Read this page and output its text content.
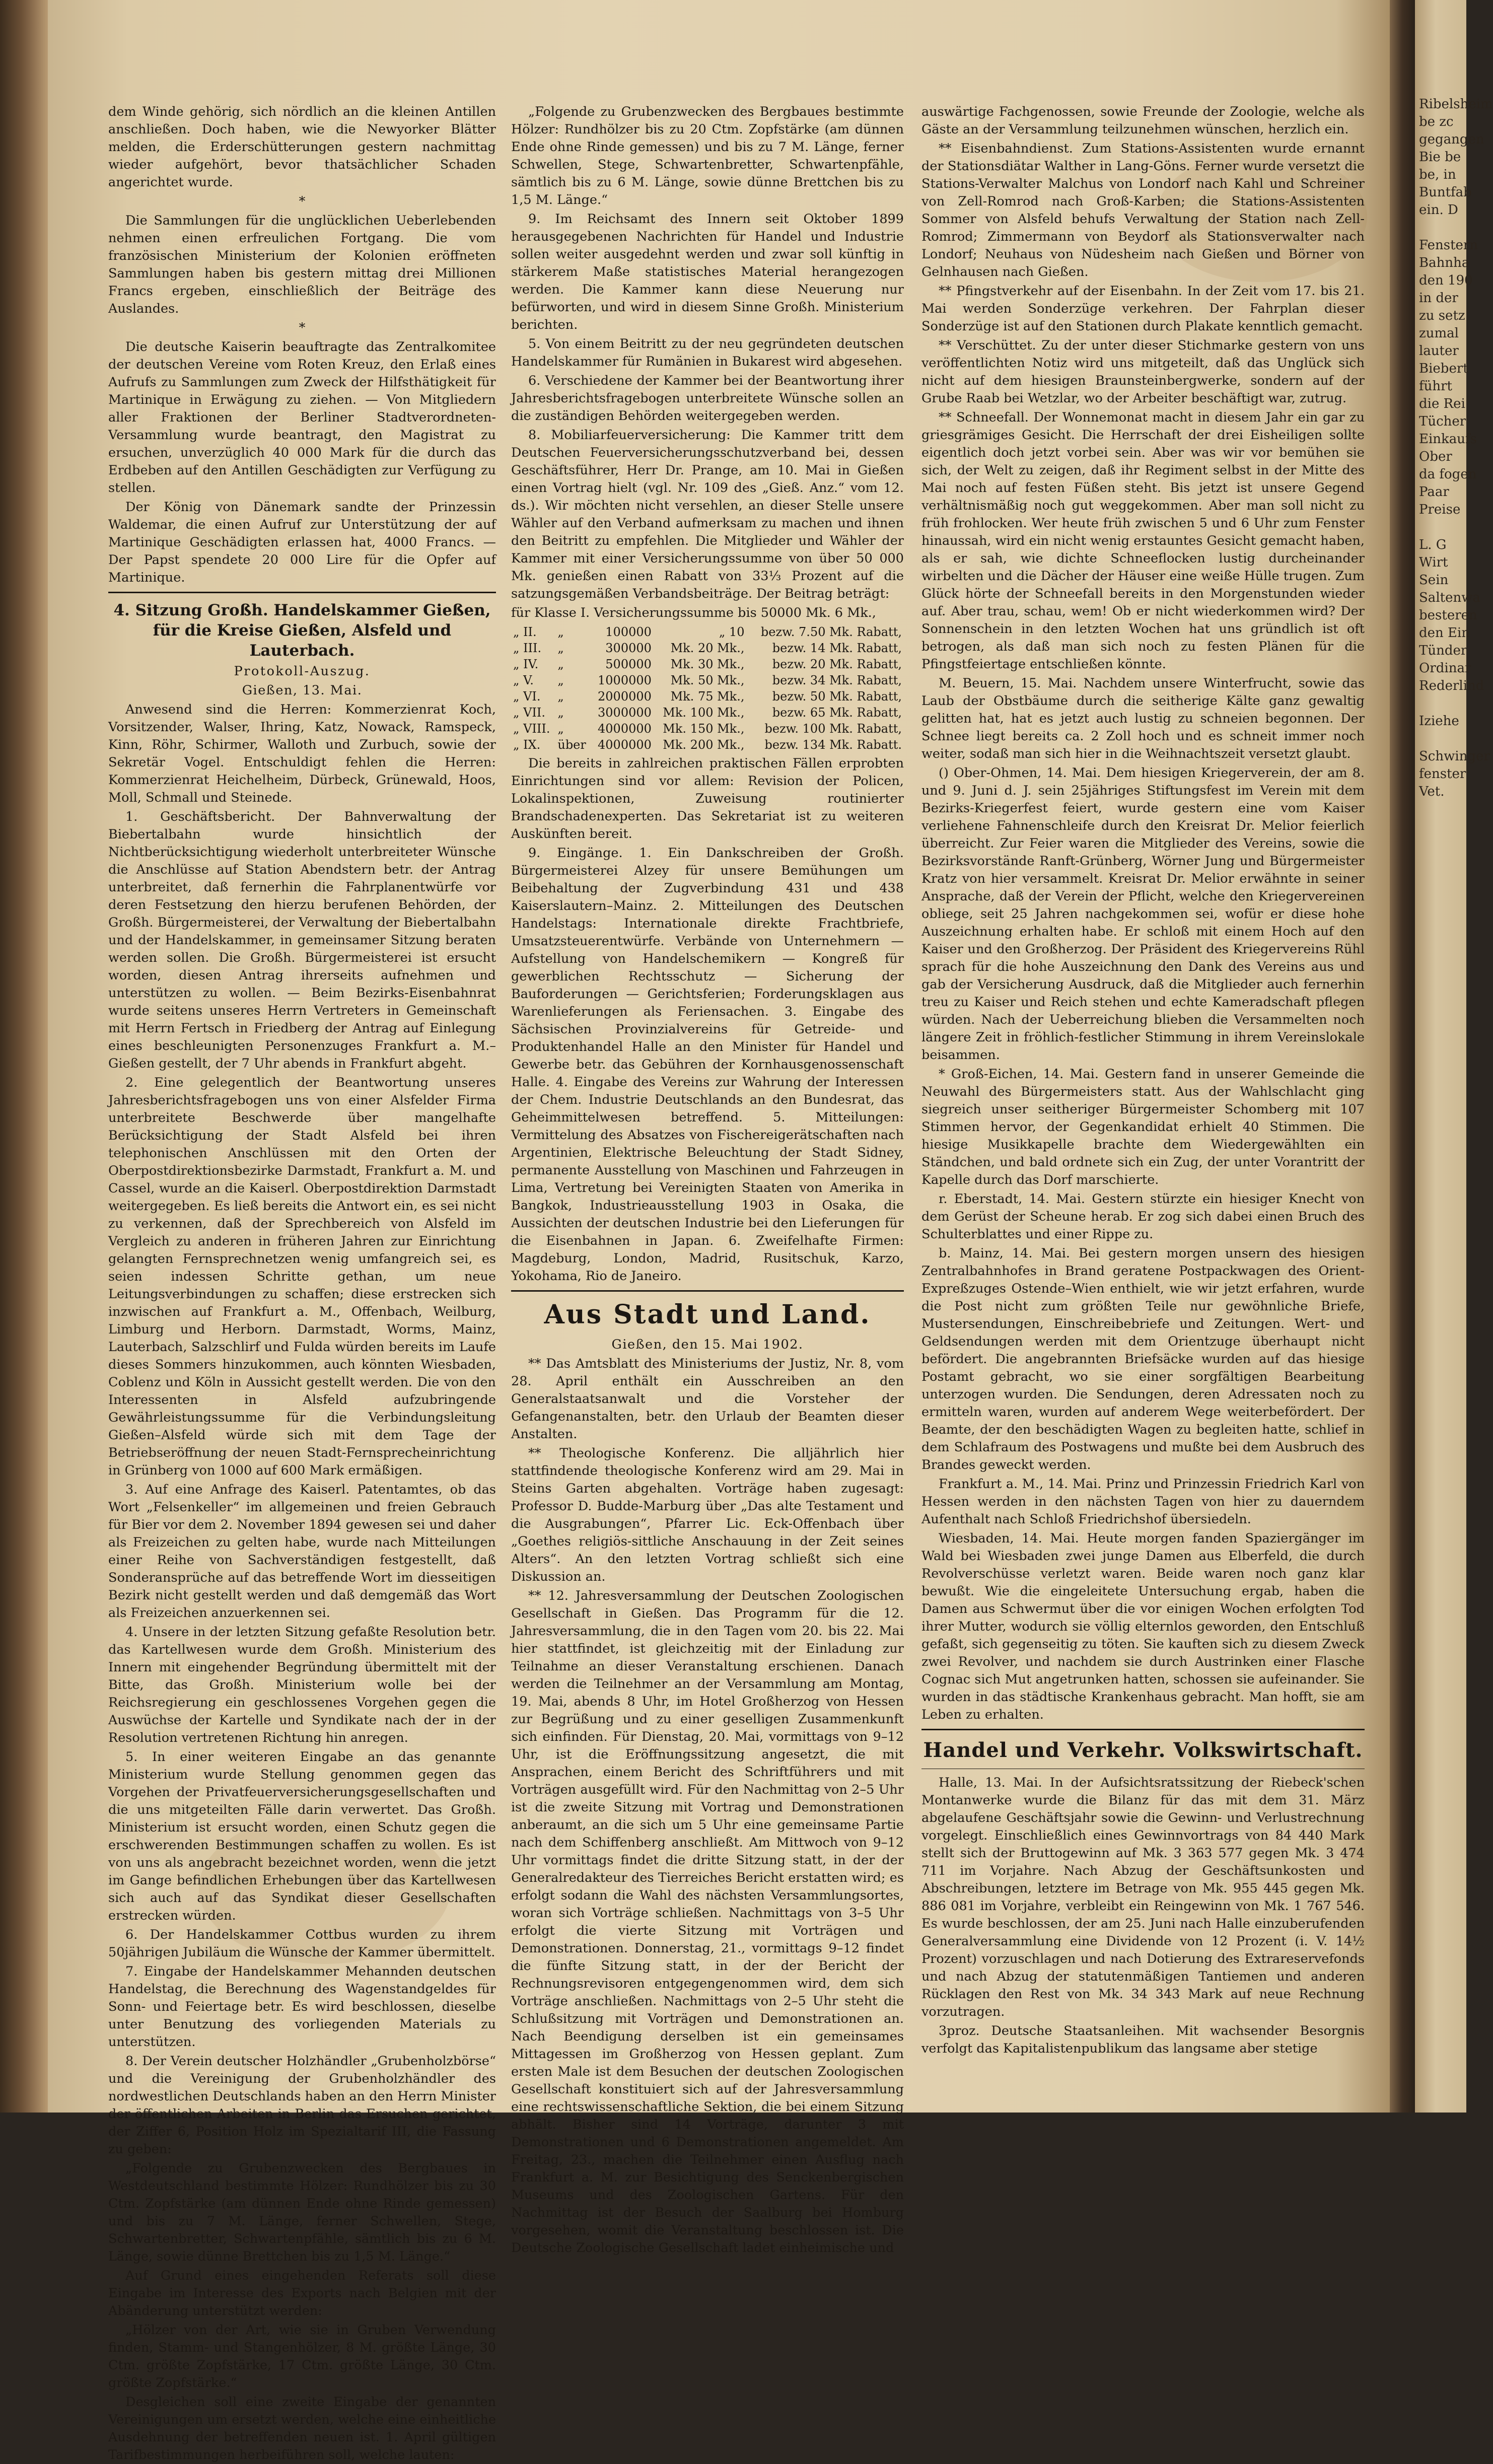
Ribelsheim
be zc
gegangen
Bie be
be, in
Buntfab
ein. D

Fenstern
Bahnha
den 190
in der
zu setz
zumal
lauter
Biebert
führt
die Rei
Tücher
Einkaufs
Ober
da fogen
Paar
Preise

L. G
Wirt
Sein
Saltenwa
besteren
den Ein
Tünder
Ordinar
Rederlind

Iziehe

Schwinger
fenster
Vet.

dem Winde gehörig, sich nördlich an die kleinen Antillen anschließen. Doch haben, wie die Newyorker Blätter melden, die Erderschütterungen gestern nachmittag wieder aufgehört, bevor thatsächlicher Schaden angerichtet wurde.

*

Die Sammlungen für die unglücklichen Ueberlebenden nehmen einen erfreulichen Fortgang. Die vom französischen Ministerium der Kolonien eröffneten Sammlungen haben bis gestern mittag drei Millionen Francs ergeben, einschließlich der Beiträge des Auslandes.

*

Die deutsche Kaiserin beauftragte das Zentralkomitee der deutschen Vereine vom Roten Kreuz, den Erlaß eines Aufrufs zu Sammlungen zum Zweck der Hilfsthätigkeit für Martinique in Erwägung zu ziehen. — Von Mitgliedern aller Fraktionen der Berliner Stadtverordneten-Versammlung wurde beantragt, den Magistrat zu ersuchen, unverzüglich 40 000 Mark für die durch das Erdbeben auf den Antillen Geschädigten zur Verfügung zu stellen.

Der König von Dänemark sandte der Prinzessin Waldemar, die einen Aufruf zur Unterstützung der auf Martinique Geschädigten erlassen hat, 4000 Francs. — Der Papst spendete 20 000 Lire für die Opfer auf Martinique.

4. Sitzung Großh. Handelskammer Gießen, für die Kreise Gießen, Alsfeld und Lauterbach.

Protokoll-Auszug.

Gießen, 13. Mai.

Anwesend sind die Herren: Kommerzienrat Koch, Vorsitzender, Walser, Ihring, Katz, Nowack, Ramspeck, Kinn, Röhr, Schirmer, Walloth und Zurbuch, sowie der Sekretär Vogel. Entschuldigt fehlen die Herren: Kommerzienrat Heichelheim, Dürbeck, Grünewald, Hoos, Moll, Schmall und Steinede.

1. Geschäftsbericht. Der Bahnverwaltung der Biebertalbahn wurde hinsichtlich der Nichtberücksichtigung wiederholt unterbreiteter Wünsche die Anschlüsse auf Station Abendstern betr. der Antrag unterbreitet, daß fernerhin die Fahrplanentwürfe vor deren Festsetzung den hierzu berufenen Behörden, der Großh. Bürgermeisterei, der Verwaltung der Biebertalbahn und der Handelskammer, in gemeinsamer Sitzung beraten werden sollen. Die Großh. Bürgermeisterei ist ersucht worden, diesen Antrag ihrerseits aufnehmen und unterstützen zu wollen. — Beim Bezirks-Eisenbahnrat wurde seitens unseres Herrn Vertreters in Gemeinschaft mit Herrn Fertsch in Friedberg der Antrag auf Einlegung eines beschleunigten Personenzuges Frankfurt a. M.–Gießen gestellt, der 7 Uhr abends in Frankfurt abgeht.

2. Eine gelegentlich der Beantwortung unseres Jahresberichtsfragebogen uns von einer Alsfelder Firma unterbreitete Beschwerde über mangelhafte Berücksichtigung der Stadt Alsfeld bei ihren telephonischen Anschlüssen mit den Orten der Oberpostdirektionsbezirke Darmstadt, Frankfurt a. M. und Cassel, wurde an die Kaiserl. Oberpostdirektion Darmstadt weitergegeben. Es ließ bereits die Antwort ein, es sei nicht zu verkennen, daß der Sprechbereich von Alsfeld im Vergleich zu anderen in früheren Jahren zur Einrichtung gelangten Fernsprechnetzen wenig umfangreich sei, es seien indessen Schritte gethan, um neue Leitungsverbindungen zu schaffen; diese erstrecken sich inzwischen auf Frankfurt a. M., Offenbach, Weilburg, Limburg und Herborn. Darmstadt, Worms, Mainz, Lauterbach, Salzschlirf und Fulda würden bereits im Laufe dieses Sommers hinzukommen, auch könnten Wiesbaden, Coblenz und Köln in Aussicht gestellt werden. Die von den Interessenten in Alsfeld aufzubringende Gewährleistungssumme für die Verbindungsleitung Gießen–Alsfeld würde sich mit dem Tage der Betriebseröffnung der neuen Stadt-Fernsprecheinrichtung in Grünberg von 1000 auf 600 Mark ermäßigen.

3. Auf eine Anfrage des Kaiserl. Patentamtes, ob das Wort „Felsenkeller“ im allgemeinen und freien Gebrauch für Bier vor dem 2. November 1894 gewesen sei und daher als Freizeichen zu gelten habe, wurde nach Mitteilungen einer Reihe von Sachverständigen festgestellt, daß Sonderansprüche auf das betreffende Wort im diesseitigen Bezirk nicht gestellt werden und daß demgemäß das Wort als Freizeichen anzuerkennen sei.

4. Unsere in der letzten Sitzung gefaßte Resolution betr. das Kartellwesen wurde dem Großh. Ministerium des Innern mit eingehender Begründung übermittelt mit der Bitte, das Großh. Ministerium wolle bei der Reichsregierung ein geschlossenes Vorgehen gegen die Auswüchse der Kartelle und Syndikate nach der in der Resolution vertretenen Richtung hin anregen.

5. In einer weiteren Eingabe an das genannte Ministerium wurde Stellung genommen gegen das Vorgehen der Privatfeuerversicherungsgesellschaften und die uns mitgeteilten Fälle darin verwertet. Das Großh. Ministerium ist ersucht worden, einen Schutz gegen die erschwerenden Bestimmungen schaffen zu wollen. Es ist von uns als angebracht bezeichnet worden, wenn die jetzt im Gange befindlichen Erhebungen über das Kartellwesen sich auch auf das Syndikat dieser Gesellschaften erstrecken würden.

6. Der Handelskammer Cottbus wurden zu ihrem 50jährigen Jubiläum die Wünsche der Kammer übermittelt.

7. Eingabe der Handelskammer Mehannden deutschen Handelstag, die Berechnung des Wagenstandgeldes für Sonn- und Feiertage betr. Es wird beschlossen, dieselbe unter Benutzung des vorliegenden Materials zu unterstützen.

8. Der Verein deutscher Holzhändler „Grubenholzbörse“ und die Vereinigung der Grubenholzhändler des nordwestlichen Deutschlands haben an den Herrn Minister der öffentlichen Arbeiten in Berlin das Ersuchen gerichtet, der Ziffer 6, Position Holz im Spezialtarif III, die Fassung zu geben:

„Folgende zu Grubenzwecken des Bergbaues in Westdeutschland bestimmte Hölzer: Rundhölzer bis zu 30 Ctm. Zopfstärke (am dünnen Ende ohne Rinde gemessen) und bis zu 7 M. Länge, ferner Schwellen, Stege, Schwartenbretter, Schwartenpfähle, sämtlich bis zu 6 M. Länge, sowie dünne Brettchen bis zu 1,5 M. Länge.“

Auf Grund eines eingehenden Referats soll diese Eingabe im Interesse des Exports nach Belgien mit der Abänderung unterstützt werden:

„Hölzer von der Art, wie sie in Gruben Verwendung finden, Stamm- und Stangenhölzer, 8 M. größte Länge, 30 Ctm. größte Zopfstärke, 17 Ctm. größte Länge, 30 Ctm. größte Zopfstärke.“

Desgleichen soll eine zweite Eingabe der genannten Vereinigungen um ersetzt werden, welche eine einheitliche Ausdehnung der betreffenden neuen ist. 1. April gültigen Tarifbestimmungen herbeiführen soll, welche lauten:

„Folgende zu Grubenzwecken des Bergbaues bestimmte Hölzer: Rundhölzer bis zu 20 Ctm. Zopfstärke (am dünnen Ende ohne Rinde gemessen) und bis zu 7 M. Länge, ferner Schwellen, Stege, Schwartenbretter, Schwartenpfähle, sämtlich bis zu 6 M. Länge, sowie dünne Brettchen bis zu 1,5 M. Länge.“

9. Im Reichsamt des Innern seit Oktober 1899 herausgegebenen Nachrichten für Handel und Industrie sollen weiter ausgedehnt werden und zwar soll künftig in stärkerem Maße statistisches Material herangezogen werden. Die Kammer kann diese Neuerung nur befürworten, und wird in diesem Sinne Großh. Ministerium berichten.

5. Von einem Beitritt zu der neu gegründeten deutschen Handelskammer für Rumänien in Bukarest wird abgesehen.

6. Verschiedene der Kammer bei der Beantwortung ihrer Jahresberichtsfragebogen unterbreitete Wünsche sollen an die zuständigen Behörden weitergegeben werden.

8. Mobiliarfeuerversicherung: Die Kammer tritt dem Deutschen Feuerversicherungsschutzverband bei, dessen Geschäftsführer, Herr Dr. Prange, am 10. Mai in Gießen einen Vortrag hielt (vgl. Nr. 109 des „Gieß. Anz.“ vom 12. ds.). Wir möchten nicht versehlen, an dieser Stelle unsere Wähler auf den Verband aufmerksam zu machen und ihnen den Beitritt zu empfehlen. Die Mitglieder und Wähler der Kammer mit einer Versicherungssumme von über 50 000 Mk. genießen einen Rabatt von 33⅓ Prozent auf die satzungsgemäßen Verbandsbeiträge. Der Beitrag beträgt:

für Klasse I. Versicherungssumme bis 50000 Mk. 6 Mk.,

„ II.	„	100000	„ 10	bezw. 7.50 Mk. Rabatt,
„ III.	„	300000	Mk. 20 Mk.,	bezw. 14 Mk. Rabatt,
„ IV.	„	500000	Mk. 30 Mk.,	bezw. 20 Mk. Rabatt,
„ V.	„	1000000	Mk. 50 Mk.,	bezw. 34 Mk. Rabatt,
„ VI.	„	2000000	Mk. 75 Mk.,	bezw. 50 Mk. Rabatt,
„ VII.	„	3000000	Mk. 100 Mk.,	bezw. 65 Mk. Rabatt,
„ VIII.	„	4000000	Mk. 150 Mk.,	bezw. 100 Mk. Rabatt,
„ IX.	über	4000000	Mk. 200 Mk.,	bezw. 134 Mk. Rabatt.

Die bereits in zahlreichen praktischen Fällen erprobten Einrichtungen sind vor allem: Revision der Policen, Lokalinspektionen, Zuweisung routinierter Brandschadenexperten. Das Sekretariat ist zu weiteren Auskünften bereit.

9. Eingänge. 1. Ein Dankschreiben der Großh. Bürgermeisterei Alzey für unsere Bemühungen um Beibehaltung der Zugverbindung 431 und 438 Kaiserslautern–Mainz. 2. Mitteilungen des Deutschen Handelstags: Internationale direkte Frachtbriefe, Umsatzsteuerentwürfe. Verbände von Unternehmern — Aufstellung von Handelschemikern — Kongreß für gewerblichen Rechtsschutz — Sicherung der Bauforderungen — Gerichtsferien; Forderungsklagen aus Warenlieferungen als Feriensachen. 3. Eingabe des Sächsischen Provinzialvereins für Getreide- und Produktenhandel Halle an den Minister für Handel und Gewerbe betr. das Gebühren der Kornhausgenossenschaft Halle. 4. Eingabe des Vereins zur Wahrung der Interessen der Chem. Industrie Deutschlands an den Bundesrat, das Geheimmittelwesen betreffend. 5. Mitteilungen: Vermittelung des Absatzes von Fischereigerätschaften nach Argentinien, Elektrische Beleuchtung der Stadt Sidney, permanente Ausstellung von Maschinen und Fahrzeugen in Lima, Vertretung bei Vereinigten Staaten von Amerika in Bangkok, Industrieausstellung 1903 in Osaka, die Aussichten der deutschen Industrie bei den Lieferungen für die Eisenbahnen in Japan. 6. Zweifelhafte Firmen: Magdeburg, London, Madrid, Rusitschuk, Karzo, Yokohama, Rio de Janeiro.

Aus Stadt und Land.

Gießen, den 15. Mai 1902.

** Das Amtsblatt des Ministeriums der Justiz, Nr. 8, vom 28. April enthält ein Ausschreiben an den Generalstaatsanwalt und die Vorsteher der Gefangenanstalten, betr. den Urlaub der Beamten dieser Anstalten.

** Theologische Konferenz. Die alljährlich hier stattfindende theologische Konferenz wird am 29. Mai in Steins Garten abgehalten. Vorträge haben zugesagt: Professor D. Budde-Marburg über „Das alte Testament und die Ausgrabungen“, Pfarrer Lic. Eck-Offenbach über „Goethes religiös-sittliche Anschauung in der Zeit seines Alters“. An den letzten Vortrag schließt sich eine Diskussion an.

** 12. Jahresversammlung der Deutschen Zoologischen Gesellschaft in Gießen. Das Programm für die 12. Jahresversammlung, die in den Tagen vom 20. bis 22. Mai hier stattfindet, ist gleichzeitig mit der Einladung zur Teilnahme an dieser Veranstaltung erschienen. Danach werden die Teilnehmer an der Versammlung am Montag, 19. Mai, abends 8 Uhr, im Hotel Großherzog von Hessen zur Begrüßung und zu einer geselligen Zusammenkunft sich einfinden. Für Dienstag, 20. Mai, vormittags von 9–12 Uhr, ist die Eröffnungssitzung angesetzt, die mit Ansprachen, einem Bericht des Schriftführers und mit Vorträgen ausgefüllt wird. Für den Nachmittag von 2–5 Uhr ist die zweite Sitzung mit Vortrag und Demonstrationen anberaumt, an die sich um 5 Uhr eine gemeinsame Partie nach dem Schiffenberg anschließt. Am Mittwoch von 9–12 Uhr vormittags findet die dritte Sitzung statt, in der der Generalredakteur des Tierreiches Bericht erstatten wird; es erfolgt sodann die Wahl des nächsten Versammlungsortes, woran sich Vorträge schließen. Nachmittags von 3–5 Uhr erfolgt die vierte Sitzung mit Vorträgen und Demonstrationen. Donnerstag, 21., vormittags 9–12 findet die fünfte Sitzung statt, in der der Bericht der Rechnungsrevisoren entgegengenommen wird, dem sich Vorträge anschließen. Nachmittags von 2–5 Uhr steht die Schlußsitzung mit Vorträgen und Demonstrationen an. Nach Beendigung derselben ist ein gemeinsames Mittagessen im Großherzog von Hessen geplant. Zum ersten Male ist dem Besuchen der deutschen Zoologischen Gesellschaft konstituiert sich auf der Jahresversammlung eine rechtswissenschaftliche Sektion, die bei einem Sitzung abhält. Bisher sind 14 Vorträge, darunter 3 mit Demonstrationen und 6 Demonstrationen angemeldet. Am Freitag, 23., machen die Teilnehmer einen Ausflug nach Frankfurt a. M. zur Besichtigung des Senckenbergischen Museums und des Zoologischen Gartens. Für den Nachmittag ist der Besuch der Saalburg bei Homburg vorgesehen, womit die Veranstaltung beschlossen ist. Die Deutsche Zoologische Gesellschaft ladet einheimische und

auswärtige Fachgenossen, sowie Freunde der Zoologie, welche als Gäste an der Versammlung teilzunehmen wünschen, herzlich ein.

** Eisenbahndienst. Zum Stations-Assistenten wurde ernannt der Stationsdiätar Walther in Lang-Göns. Ferner wurde versetzt die Stations-Verwalter Malchus von Londorf nach Kahl und Schreiner von Zell-Romrod nach Groß-Karben; die Stations-Assistenten Sommer von Alsfeld behufs Verwaltung der Station nach Zell-Romrod; Zimmermann von Beydorf als Stationsverwalter nach Londorf; Neuhaus von Nüdesheim nach Gießen und Börner von Gelnhausen nach Gießen.

** Pfingstverkehr auf der Eisenbahn. In der Zeit vom 17. bis 21. Mai werden Sonderzüge verkehren. Der Fahrplan dieser Sonderzüge ist auf den Stationen durch Plakate kenntlich gemacht.

** Verschüttet. Zu der unter dieser Stichmarke gestern von uns veröffentlichten Notiz wird uns mitgeteilt, daß das Unglück sich nicht auf dem hiesigen Braunsteinbergwerke, sondern auf der Grube Raab bei Wetzlar, wo der Arbeiter beschäftigt war, zutrug.

** Schneefall. Der Wonnemonat macht in diesem Jahr ein gar zu griesgrämiges Gesicht. Die Herrschaft der drei Eisheiligen sollte eigentlich doch jetzt vorbei sein. Aber was wir vor bemühen sie sich, der Welt zu zeigen, daß ihr Regiment selbst in der Mitte des Mai noch auf festen Füßen steht. Bis jetzt ist unsere Gegend verhältnismäßig noch gut weggekommen. Aber man soll nicht zu früh frohlocken. Wer heute früh zwischen 5 und 6 Uhr zum Fenster hinaussah, wird ein nicht wenig erstauntes Gesicht gemacht haben, als er sah, wie dichte Schneeflocken lustig durcheinander wirbelten und die Dächer der Häuser eine weiße Hülle trugen. Zum Glück hörte der Schneefall bereits in den Morgenstunden wieder auf. Aber trau, schau, wem! Ob er nicht wiederkommen wird? Der Sonnenschein in den letzten Wochen hat uns gründlich ist oft betrogen, als daß man sich noch zu festen Plänen für die Pfingstfeiertage entschließen könnte.

M. Beuern, 15. Mai. Nachdem unsere Winterfrucht, sowie das Laub der Obstbäume durch die seitherige Kälte ganz gewaltig gelitten hat, hat es jetzt auch lustig zu schneien begonnen. Der Schnee liegt bereits ca. 2 Zoll hoch und es schneit immer noch weiter, sodaß man sich hier in die Weihnachtszeit versetzt glaubt.

() Ober-Ohmen, 14. Mai. Dem hiesigen Kriegerverein, der am 8. und 9. Juni d. J. sein 25jähriges Stiftungsfest im Verein mit dem Bezirks-Kriegerfest feiert, wurde gestern eine vom Kaiser verliehene Fahnenschleife durch den Kreisrat Dr. Melior feierlich überreicht. Zur Feier waren die Mitglieder des Vereins, sowie die Bezirksvorstände Ranft-Grünberg, Wörner Jung und Bürgermeister Kratz von hier versammelt. Kreisrat Dr. Melior erwähnte in seiner Ansprache, daß der Verein der Pflicht, welche den Kriegervereinen obliege, seit 25 Jahren nachgekommen sei, wofür er diese hohe Auszeichnung erhalten habe. Er schloß mit einem Hoch auf den Kaiser und den Großherzog. Der Präsident des Kriegervereins Rühl sprach für die hohe Auszeichnung den Dank des Vereins aus und gab der Versicherung Ausdruck, daß die Mitglieder auch fernerhin treu zu Kaiser und Reich stehen und echte Kameradschaft pflegen würden. Nach der Ueberreichung blieben die Versammelten noch längere Zeit in fröhlich-festlicher Stimmung in ihrem Vereinslokale beisammen.

* Groß-Eichen, 14. Mai. Gestern fand in unserer Gemeinde die Neuwahl des Bürgermeisters statt. Aus der Wahlschlacht ging siegreich unser seitheriger Bürgermeister Schomberg mit 107 Stimmen hervor, der Gegenkandidat erhielt 40 Stimmen. Die hiesige Musikkapelle brachte dem Wiedergewählten ein Ständchen, und bald ordnete sich ein Zug, der unter Vorantritt der Kapelle durch das Dorf marschierte.

r. Eberstadt, 14. Mai. Gestern stürzte ein hiesiger Knecht von dem Gerüst der Scheune herab. Er zog sich dabei einen Bruch des Schulterblattes und einer Rippe zu.

b. Mainz, 14. Mai. Bei gestern morgen unsern des hiesigen Zentralbahnhofes in Brand geratene Postpackwagen des Orient-Expreßzuges Ostende–Wien enthielt, wie wir jetzt erfahren, wurde die Post nicht zum größten Teile nur gewöhnliche Briefe, Mustersendungen, Einschreibebriefe und Zeitungen. Wert- und Geldsendungen werden mit dem Orientzuge überhaupt nicht befördert. Die angebrannten Briefsäcke wurden auf das hiesige Postamt gebracht, wo sie einer sorgfältigen Bearbeitung unterzogen wurden. Die Sendungen, deren Adressaten noch zu ermitteln waren, wurden auf anderem Wege weiterbefördert. Der Beamte, der den beschädigten Wagen zu begleiten hatte, schlief in dem Schlafraum des Postwagens und mußte bei dem Ausbruch des Brandes geweckt werden.

Frankfurt a. M., 14. Mai. Prinz und Prinzessin Friedrich Karl von Hessen werden in den nächsten Tagen von hier zu dauerndem Aufenthalt nach Schloß Friedrichshof übersiedeln.

Wiesbaden, 14. Mai. Heute morgen fanden Spaziergänger im Wald bei Wiesbaden zwei junge Damen aus Elberfeld, die durch Revolverschüsse verletzt waren. Beide waren noch ganz klar bewußt. Wie die eingeleitete Untersuchung ergab, haben die Damen aus Schwermut über die vor einigen Wochen erfolgten Tod ihrer Mutter, wodurch sie völlig elternlos geworden, den Entschluß gefaßt, sich gegenseitig zu töten. Sie kauften sich zu diesem Zweck zwei Revolver, und nachdem sie durch Austrinken einer Flasche Cognac sich Mut angetrunken hatten, schossen sie aufeinander. Sie wurden in das städtische Krankenhaus gebracht. Man hofft, sie am Leben zu erhalten.

Handel und Verkehr. Volkswirtschaft.

Halle, 13. Mai. In der Aufsichtsratssitzung der Riebeck'schen Montanwerke wurde die Bilanz für das mit dem 31. März abgelaufene Geschäftsjahr sowie die Gewinn- und Verlustrechnung vorgelegt. Einschließlich eines Gewinnvortrags von 84 440 Mark stellt sich der Bruttogewinn auf Mk. 3 363 577 gegen Mk. 3 474 711 im Vorjahre. Nach Abzug der Geschäftsunkosten und Abschreibungen, letztere im Betrage von Mk. 955 445 gegen Mk. 886 081 im Vorjahre, verbleibt ein Reingewinn von Mk. 1 767 546. Es wurde beschlossen, der am 25. Juni nach Halle einzuberufenden Generalversammlung eine Dividende von 12 Prozent (i. V. 14½ Prozent) vorzuschlagen und nach Dotierung des Extrareservefonds und nach Abzug der statutenmäßigen Tantiemen und anderen Rücklagen den Rest von Mk. 34 343 Mark auf neue Rechnung vorzutragen.

3proz. Deutsche Staatsanleihen. Mit wachsender Besorgnis verfolgt das Kapitalistenpublikum das langsame aber stetige
